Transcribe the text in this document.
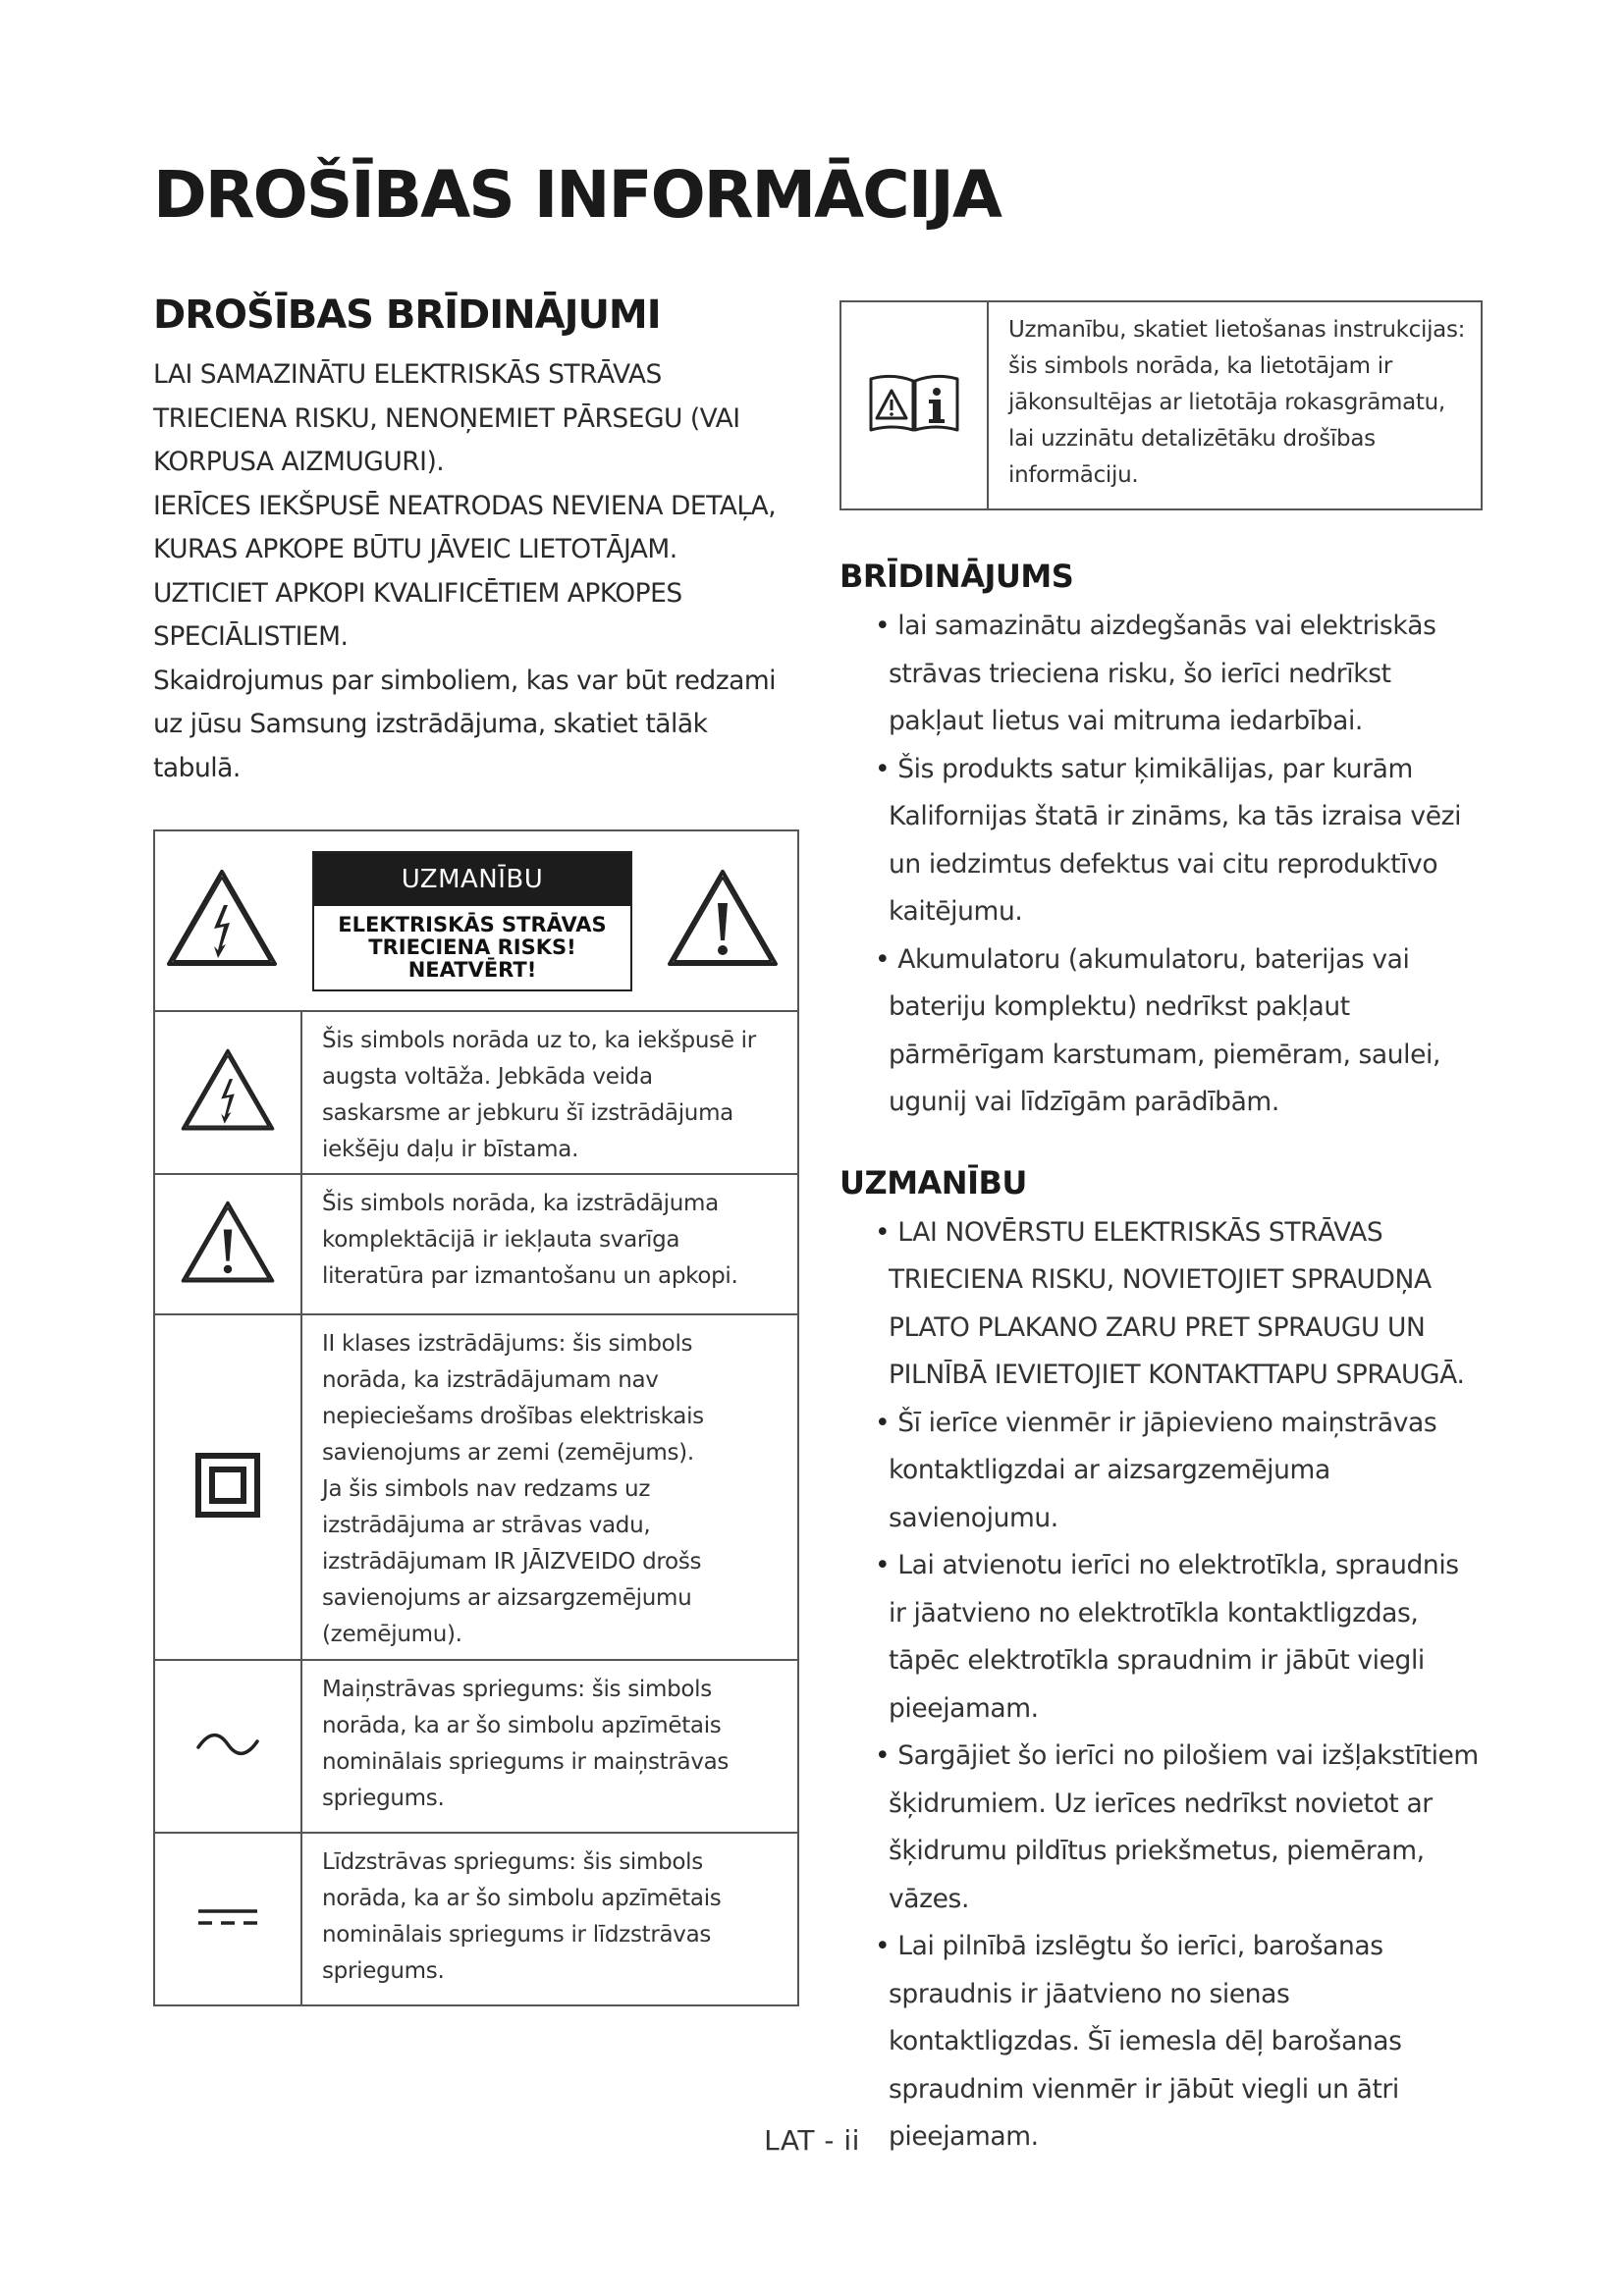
DROŠĪBAS INFORMĀCIJA
DROŠĪBAS BRĪDINĀJUMI

LAI SAMAZINĀTU ELEKTRISKĀS STRĀVAS TRIECIENA RISKU, NENOŅEMIET PĀRSEGU (VAI KORPUSA AIZMUGURI).

IERĪCES IEKŠPUSĒ NEATRODAS NEVIENA DETAĻA, KURAS APKOPE BŪTU JĀVEIC LIETOTĀJAM. UZTICIET APKOPI KVALIFICĒTIEM APKOPES SPECIĀLISTIEM.

Skaidrojumus par simboliem, kas var būt redzami uz jūsu Samsung izstrādājuma, skatiet tālāk tabulā.

UZMANĪBU
ELEKTRISKĀS STRĀVAS TRIECIENA RISKS! NEATVĒRT!

Šis simbols norāda uz to, ka iekšpusē ir augsta voltāža. Jebkāda veida saskarsme ar jebkuru šī izstrādājuma iekšēju daļu ir bīstama.

Šis simbols norāda, ka izstrādājuma komplektācijā ir iekļauta svarīga literatūra par izmantošanu un apkopi.

II klases izstrādājums: šis simbols norāda, ka izstrādājumam nav nepieciešams drošības elektriskais savienojums ar zemi (zemējums).

Ja šis simbols nav redzams uz izstrādājuma ar strāvas vadu, izstrādājumam IR JĀIZVEIDO drošs savienojums ar aizsargzemējumu (zemējumu).

Maiņstrāvas spriegums: šis simbols norāda, ka ar šo simbolu apzīmētais nominālais spriegums ir maiņstrāvas spriegums.

Līdzstrāvas spriegums: šis simbols norāda, ka ar šo simbolu apzīmētais nominālais spriegums ir līdzstrāvas spriegums.

Uzmanību, skatiet lietošanas instrukcijas: šis simbols norāda, ka lietotājam ir jākonsultējas ar lietotāja rokasgrāmatu, lai uzzinātu detalizētāku drošības informāciju.
BRĪDINĀJUMS
• lai samazinātu aizdegšanās vai elektriskās strāvas trieciena risku, šo ierīci nedrīkst pakļaut lietus vai mitruma iedarbībai.
• Šis produkts satur ķimikālijas, par kurām Kalifornijas štatā ir zināms, ka tās izraisa vēzi un iedzimtus defektus vai citu reproduktīvo kaitējumu.
• Akumulatoru (akumulatoru, baterijas vai bateriju komplektu) nedrīkst pakļaut pārmērīgam karstumam, piemēram, saulei, ugunij vai līdzīgām parādībām.
UZMANĪBU
• LAI NOVĒRSTU ELEKTRISKĀS STRĀVAS TRIECIENA RISKU, NOVIETOJIET SPRAUDŅA PLATO PLAKANO ZARU PRET SPRAUGU UN PILNĪBĀ IEVIETOJIET KONTAKTTAPU SPRAUGĀ.
• Šī ierīce vienmēr ir jāpievieno maiņstrāvas kontaktligzdai ar aizsargzemējuma savienojumu.
• Lai atvienotu ierīci no elektrotīkla, spraudnis ir jāatvieno no elektrotīkla kontaktligzdas, tāpēc elektrotīkla spraudnim ir jābūt viegli pieejamam.
• Sargājiet šo ierīci no pilošiem vai izšļakstītiem šķidrumiem. Uz ierīces nedrīkst novietot ar šķidrumu pildītus priekšmetus, piemēram, vāzes.
• Lai pilnībā izslēgtu šo ierīci, barošanas spraudnis ir jāatvieno no sienas kontaktligzdas. Šī iemesla dēļ barošanas spraudnim vienmēr ir jābūt viegli un ātri pieejamam.
LAT - ii
